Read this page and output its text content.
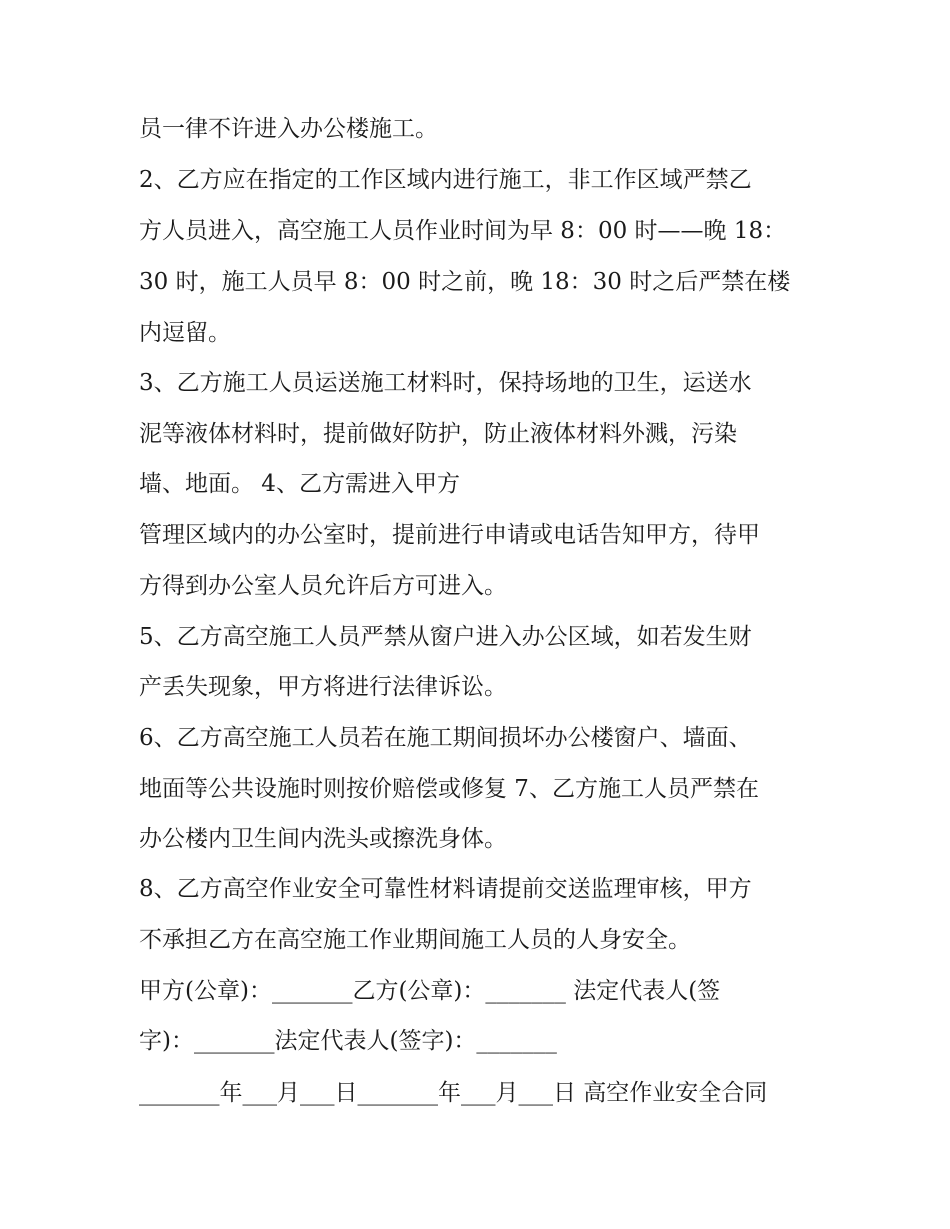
员一律不许进入办公楼施工。
2、乙方应在指定的工作区域内进行施工，非工作区域严禁乙
方人员进入，高空施工人员作业时间为早 8：00 时——晚 18：
30 时，施工人员早 8：00 时之前，晚 18：30 时之后严禁在楼
内逗留。
3、乙方施工人员运送施工材料时，保持场地的卫生，运送水
泥等液体材料时，提前做好防护，防止液体材料外溅，污染
墙、地面。 4、乙方需进入甲方
管理区域内的办公室时，提前进行申请或电话告知甲方，待甲
方得到办公室人员允许后方可进入。
5、乙方高空施工人员严禁从窗户进入办公区域，如若发生财
产丢失现象，甲方将进行法律诉讼。
6、乙方高空施工人员若在施工期间损坏办公楼窗户、墙面、
地面等公共设施时则按价赔偿或修复 7、乙方施工人员严禁在
办公楼内卫生间内洗头或擦洗身体。
8、乙方高空作业安全可靠性材料请提前交送监理审核，甲方
不承担乙方在高空施工作业期间施工人员的人身安全。
甲方(公章)：_______乙方(公章)：_______ 法定代表人(签
字)：_______法定代表人(签字)：_______
_______年___月___日_______年___月___日 高空作业安全合同
